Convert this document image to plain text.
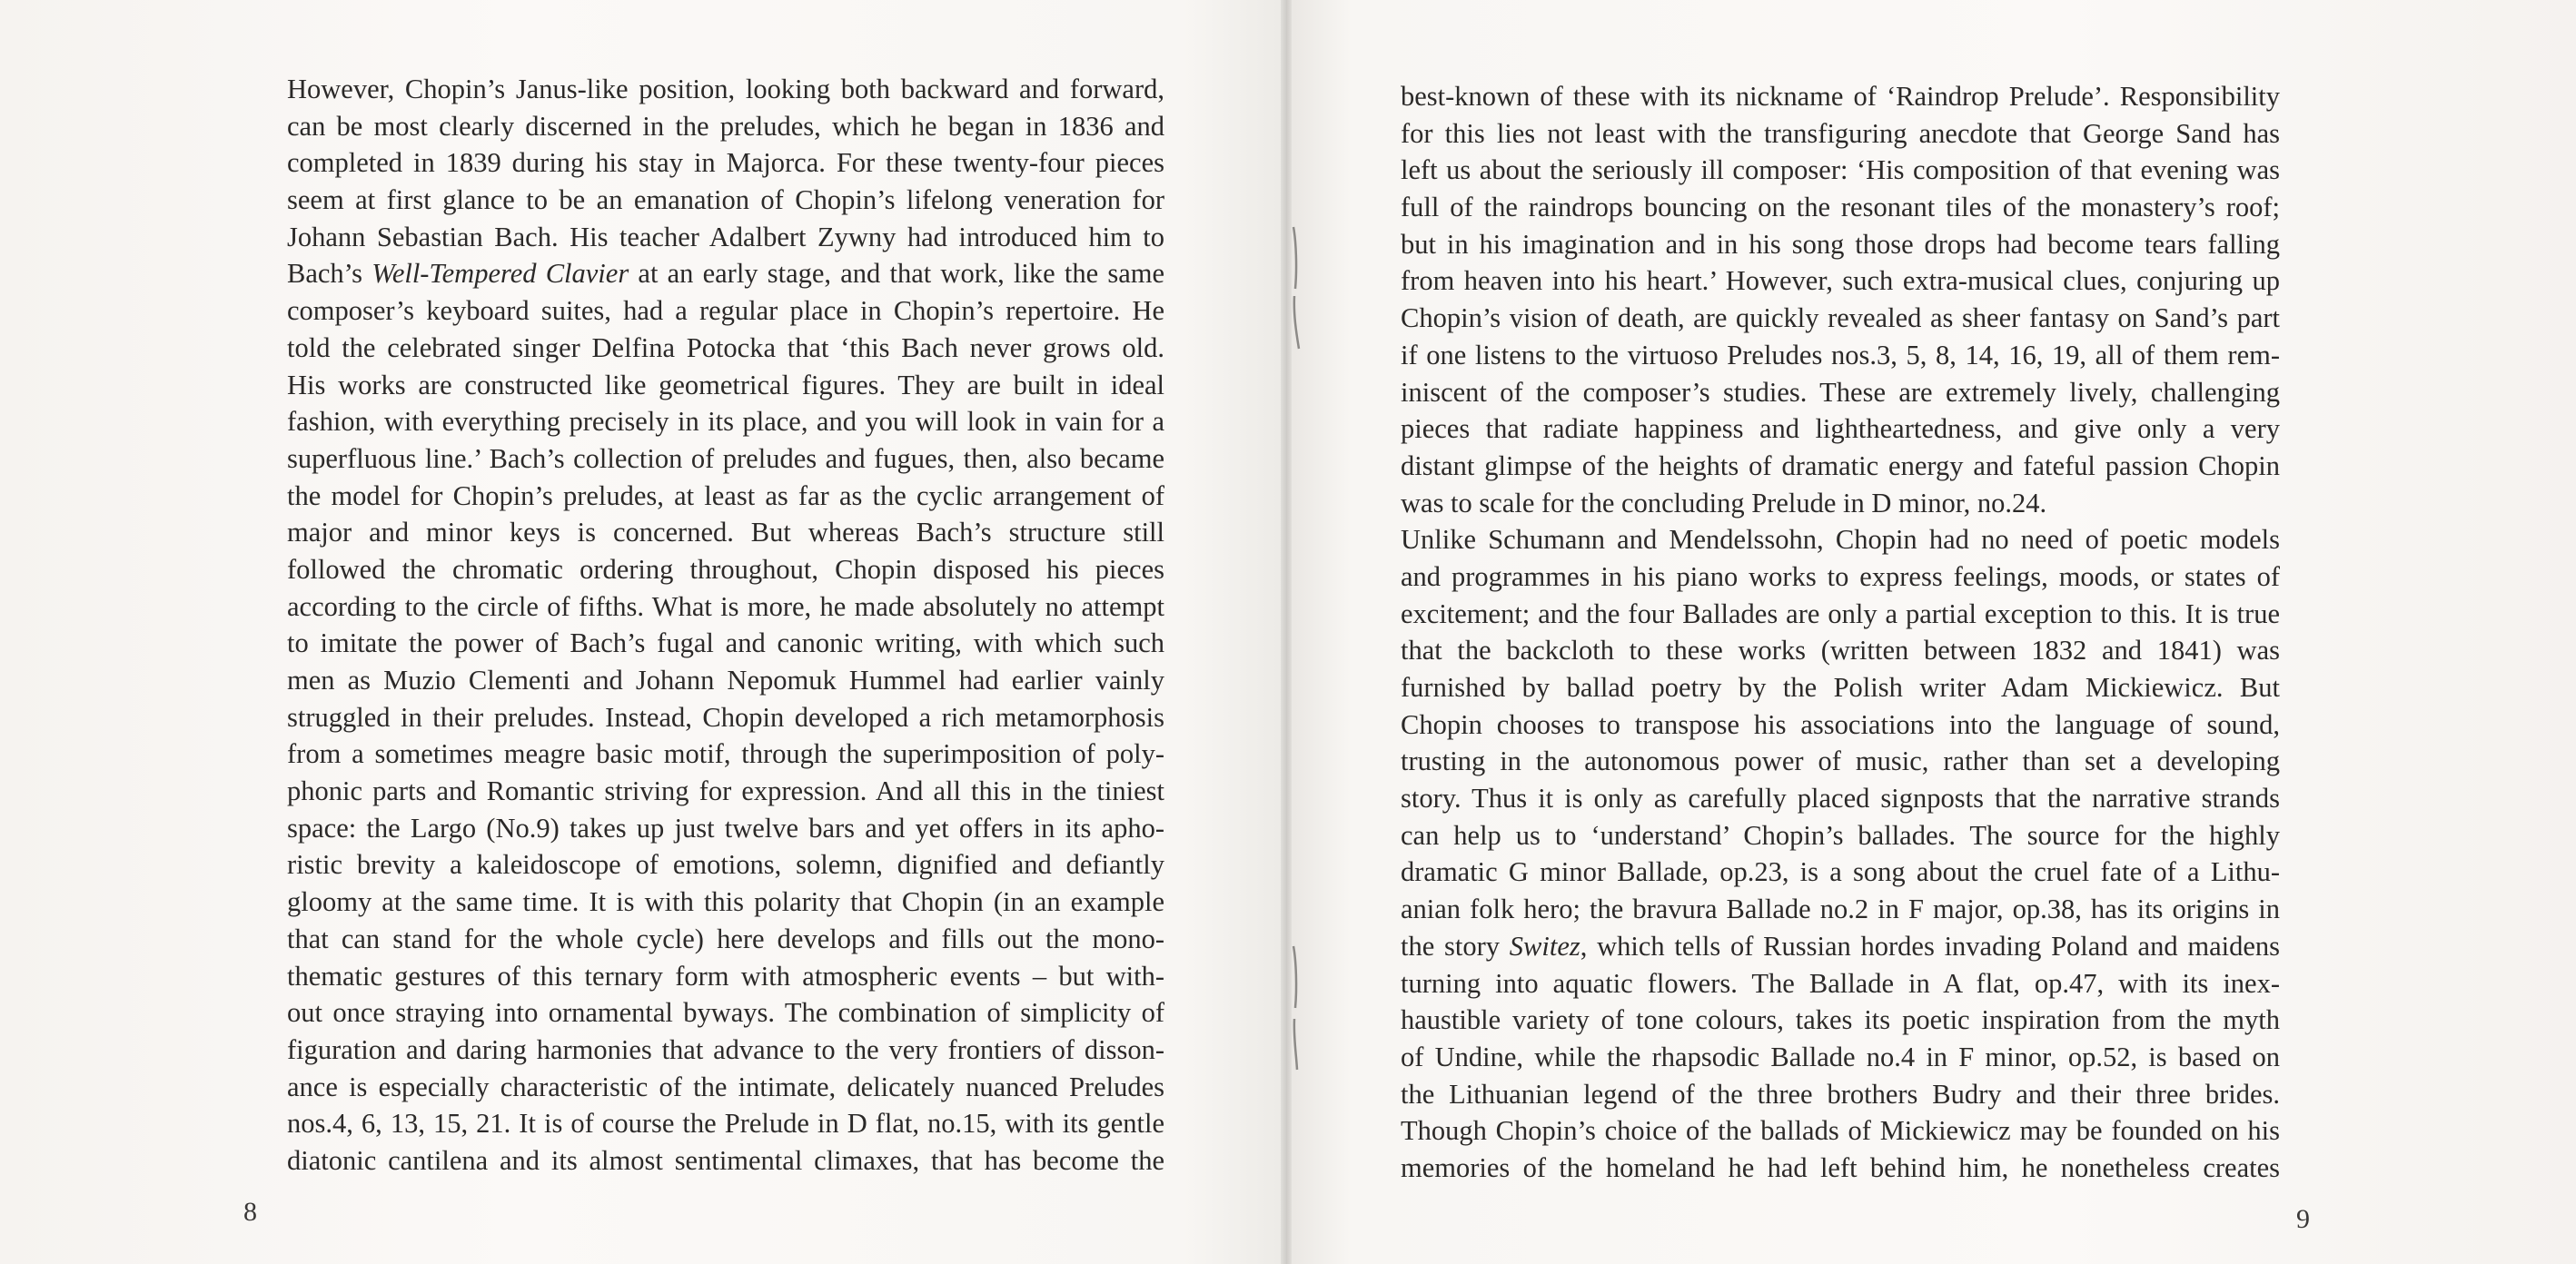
However, Chopin’s Janus-like position, looking both backward and forward,
can be most clearly discerned in the preludes, which he began in 1836 and
completed in 1839 during his stay in Majorca. For these twenty-four pieces
seem at first glance to be an emanation of Chopin’s lifelong veneration for
Johann Sebastian Bach. His teacher Adalbert Zywny had introduced him to
Bach’s Well-Tempered Clavier at an early stage, and that work, like the same
composer’s keyboard suites, had a regular place in Chopin’s repertoire. He
told the celebrated singer Delfina Potocka that ‘this Bach never grows old.
His works are constructed like geometrical figures. They are built in ideal
fashion, with everything precisely in its place, and you will look in vain for a
superfluous line.’ Bach’s collection of preludes and fugues, then, also became
the model for Chopin’s preludes, at least as far as the cyclic arrangement of
major and minor keys is concerned. But whereas Bach’s structure still
followed the chromatic ordering throughout, Chopin disposed his pieces
according to the circle of fifths. What is more, he made absolutely no attempt
to imitate the power of Bach’s fugal and canonic writing, with which such
men as Muzio Clementi and Johann Nepomuk Hummel had earlier vainly
struggled in their preludes. Instead, Chopin developed a rich metamorphosis
from a sometimes meagre basic motif, through the superimposition of poly-
phonic parts and Romantic striving for expression. And all this in the tiniest
space: the Largo (No.9) takes up just twelve bars and yet offers in its apho-
ristic brevity a kaleidoscope of emotions, solemn, dignified and defiantly
gloomy at the same time. It is with this polarity that Chopin (in an example
that can stand for the whole cycle) here develops and fills out the mono-
thematic gestures of this ternary form with atmospheric events – but with-
out once straying into ornamental byways. The combination of simplicity of
figuration and daring harmonies that advance to the very frontiers of disson-
ance is especially characteristic of the intimate, delicately nuanced Preludes
nos.4, 6, 13, 15, 21. It is of course the Prelude in D flat, no.15, with its gentle
diatonic cantilena and its almost sentimental climaxes, that has become the
8
best-known of these with its nickname of ‘Raindrop Prelude’. Responsibility
for this lies not least with the transfiguring anecdote that George Sand has
left us about the seriously ill composer: ‘His composition of that evening was
full of the raindrops bouncing on the resonant tiles of the monastery’s roof;
but in his imagination and in his song those drops had become tears falling
from heaven into his heart.’ However, such extra-musical clues, conjuring up
Chopin’s vision of death, are quickly revealed as sheer fantasy on Sand’s part
if one listens to the virtuoso Preludes nos.3, 5, 8, 14, 16, 19, all of them rem-
iniscent of the composer’s studies. These are extremely lively, challenging
pieces that radiate happiness and lightheartedness, and give only a very
distant glimpse of the heights of dramatic energy and fateful passion Chopin
was to scale for the concluding Prelude in D minor, no.24.
Unlike Schumann and Mendelssohn, Chopin had no need of poetic models
and programmes in his piano works to express feelings, moods, or states of
excitement; and the four Ballades are only a partial exception to this. It is true
that the backcloth to these works (written between 1832 and 1841) was
furnished by ballad poetry by the Polish writer Adam Mickiewicz. But
Chopin chooses to transpose his associations into the language of sound,
trusting in the autonomous power of music, rather than set a developing
story. Thus it is only as carefully placed signposts that the narrative strands
can help us to ‘understand’ Chopin’s ballades. The source for the highly
dramatic G minor Ballade, op.23, is a song about the cruel fate of a Lithu-
anian folk hero; the bravura Ballade no.2 in F major, op.38, has its origins in
the story Switez, which tells of Russian hordes invading Poland and maidens
turning into aquatic flowers. The Ballade in A flat, op.47, with its inex-
haustible variety of tone colours, takes its poetic inspiration from the myth
of Undine, while the rhapsodic Ballade no.4 in F minor, op.52, is based on
the Lithuanian legend of the three brothers Budry and their three brides.
Though Chopin’s choice of the ballads of Mickiewicz may be founded on his
memories of the homeland he had left behind him, he nonetheless creates
9
